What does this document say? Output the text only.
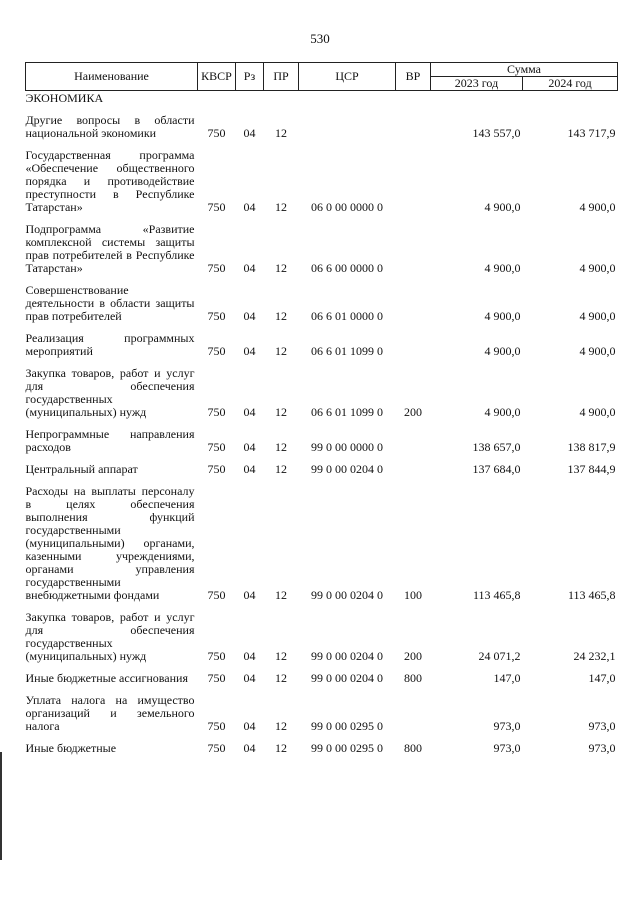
530
Наименование	КВСР	Рз	ПР	ЦСР	ВР	Сумма	
						2023 год	2024 год
ЭКОНОМИКА							
Другие вопросы в области национальной экономики	750	04	12			143 557,0	143 717,9
Государственная программа «Обеспечение общественного порядка и противодействие преступности в Республике Татарстан»	750	04	12	06 0 00 0000 0		4 900,0	4 900,0
Подпрограмма «Развитие комплексной системы защиты прав потребителей в Республике Татарстан»	750	04	12	06 6 00 0000 0		4 900,0	4 900,0
Совершенствование деятельности в области защиты прав потребителей	750	04	12	06 6 01 0000 0		4 900,0	4 900,0
Реализация программных мероприятий	750	04	12	06 6 01 1099 0		4 900,0	4 900,0
Закупка товаров, работ и услуг для обеспечения государственных (муниципальных) нужд	750	04	12	06 6 01 1099 0	200	4 900,0	4 900,0
Непрограммные направления расходов	750	04	12	99 0 00 0000 0		138 657,0	138 817,9
Центральный аппарат	750	04	12	99 0 00 0204 0		137 684,0	137 844,9
Расходы на выплаты персоналу в целях обеспечения выполнения функций государственными (муниципальными) органами, казенными учреждениями, органами управления государственными внебюджетными фондами	750	04	12	99 0 00 0204 0	100	113 465,8	113 465,8
Закупка товаров, работ и услуг для обеспечения государственных (муниципальных) нужд	750	04	12	99 0 00 0204 0	200	24 071,2	24 232,1
Иные бюджетные ассигнования	750	04	12	99 0 00 0204 0	800	147,0	147,0
Уплата налога на имущество организаций и земельного налога	750	04	12	99 0 00 0295 0		973,0	973,0
Иные бюджетные	750	04	12	99 0 00 0295 0	800	973,0	973,0
